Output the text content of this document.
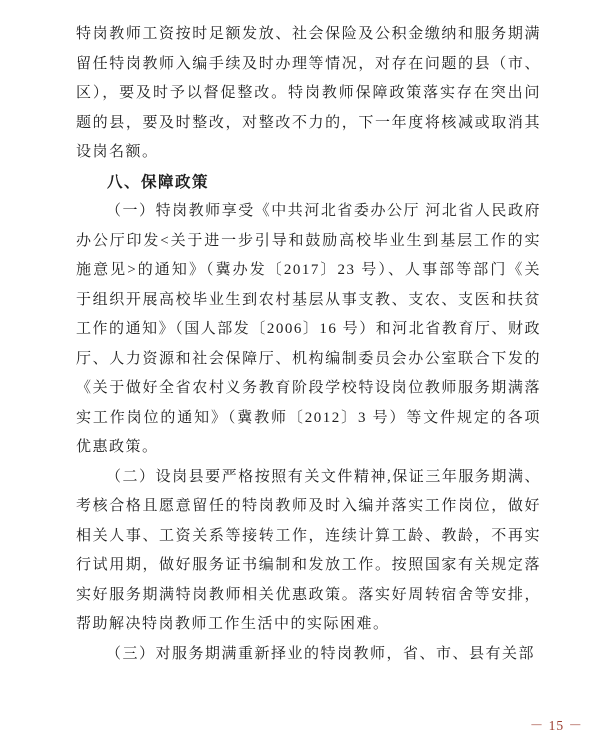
特岗教师工资按时足额发放、社会保险及公积金缴纳和服务期满留任特岗教师入编手续及时办理等情况，对存在问题的县（市、区），要及时予以督促整改。特岗教师保障政策落实存在突出问题的县，要及时整改，对整改不力的，下一年度将核减或取消其设岗名额。

八、保障政策

（一）特岗教师享受《中共河北省委办公厅 河北省人民政府办公厅印发<关于进一步引导和鼓励高校毕业生到基层工作的实施意见>的通知》（冀办发〔2017〕23 号）、人事部等部门《关于组织开展高校毕业生到农村基层从事支教、支农、支医和扶贫工作的通知》（国人部发〔2006〕16 号）和河北省教育厅、财政厅、人力资源和社会保障厅、机构编制委员会办公室联合下发的《关于做好全省农村义务教育阶段学校特设岗位教师服务期满落实工作岗位的通知》（冀教师〔2012〕3 号）等文件规定的各项优惠政策。

（二）设岗县要严格按照有关文件精神,保证三年服务期满、考核合格且愿意留任的特岗教师及时入编并落实工作岗位，做好相关人事、工资关系等接转工作，连续计算工龄、教龄，不再实行试用期，做好服务证书编制和发放工作。按照国家有关规定落实好服务期满特岗教师相关优惠政策。落实好周转宿舍等安排，帮助解决特岗教师工作生活中的实际困难。

（三）对服务期满重新择业的特岗教师，省、市、县有关部

－ 15 －
